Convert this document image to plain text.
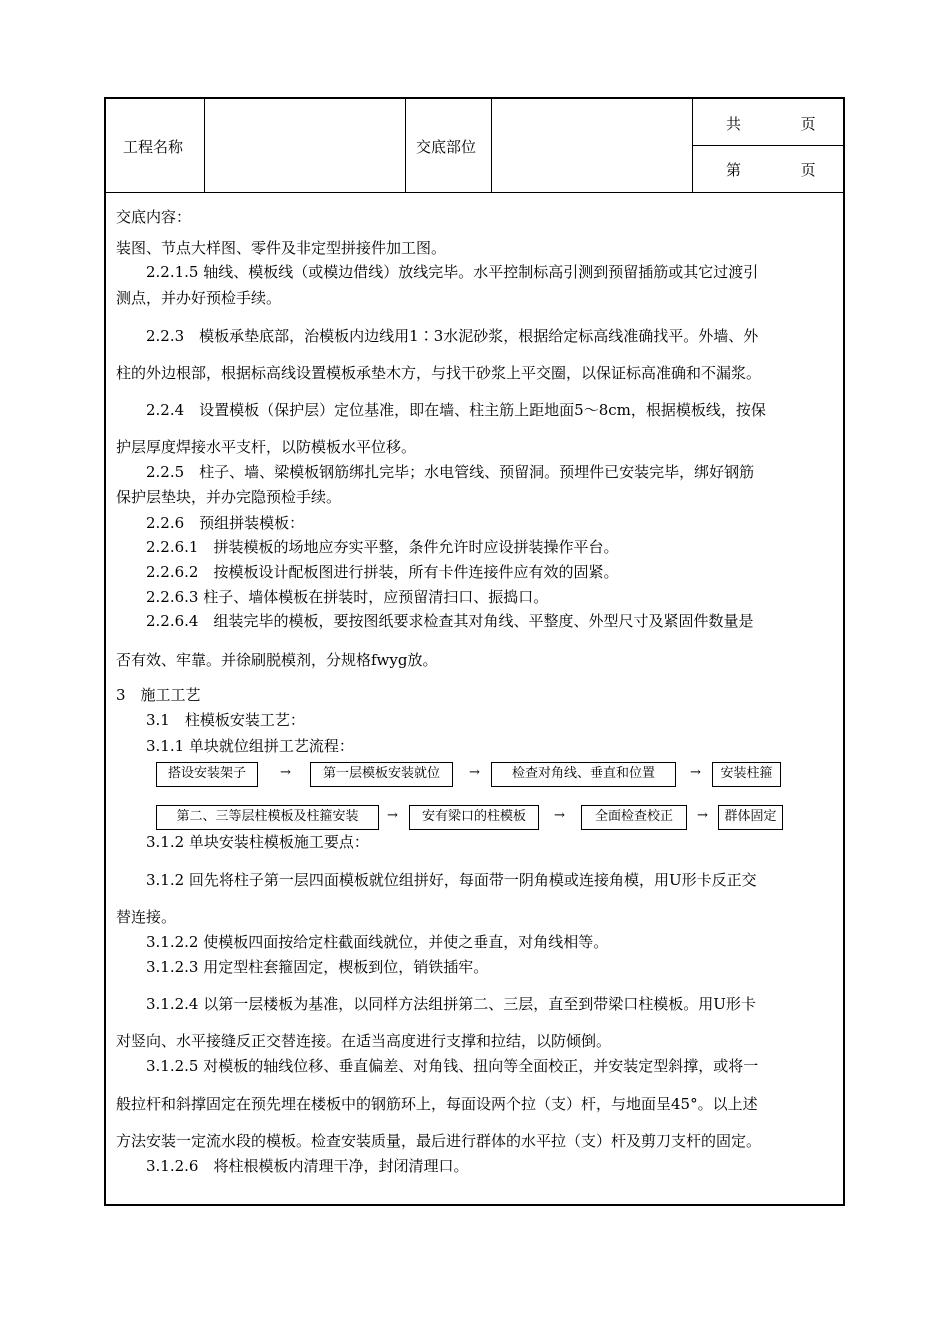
工程名称	交底部位
共	页
第	页
交底内容：
装图、节点大样图、零件及非定型拼接件加工图。
　　2.2.1.5 轴线、模板线（或模边借线）放线完毕。水平控制标高引测到预留插筋或其它过渡引
测点，并办好预检手续。
　　2.2.3　模板承垫底部，治模板内边线用1∶3水泥砂浆，根据给定标高线准确找平。外墙、外
柱的外边根部，根据标高线设置模板承垫木方，与找干砂浆上平交圈，以保证标高准确和不漏浆。
　　2.2.4　设置模板（保护层）定位基准，即在墙、柱主筋上距地面5～8cm，根据模板线，按保
护层厚度焊接水平支杆，以防模板水平位移。
　　2.2.5　柱子、墙、梁模板钢筋绑扎完毕；水电管线、预留洞。预埋件已安装完毕，绑好钢筋
保护层垫块，并办完隐预检手续。
　　2.2.6　预组拼装模板：
　　2.2.6.1　拼装模板的场地应夯实平整，条件允许时应设拼装操作平台。
　　2.2.6.2　按模板设计配板图进行拼装，所有卡件连接件应有效的固紧。
　　2.2.6.3 柱子、墙体模板在拼装时，应预留清扫口、振捣口。
　　2.2.6.4　组装完毕的模板，要按图纸要求检查其对角线、平整度、外型尺寸及紧固件数量是
否有效、牢靠。并徐刷脱模剂，分规格fwyg放。
3　施工工艺
　　3.1　柱模板安装工艺：
　　3.1.1 单块就位组拼工艺流程：
搭设安装架子	→	第一层模板安装就位	→	检查对角线、垂直和位置	→	安装柱箍
第二、三等层柱模板及柱箍安装	→	安有梁口的柱模板	→	全面检查校正	→	群体固定
　　3.1.2 单块安装柱模板施工要点：
　　3.1.2 回先将柱子第一层四面模板就位组拼好，每面带一阴角模或连接角模，用U形卡反正交
替连接。
　　3.1.2.2 使模板四面按给定柱截面线就位，并使之垂直，对角线相等。
　　3.1.2.3 用定型柱套箍固定，楔板到位，销铁插牢。
　　3.1.2.4 以第一层楼板为基准，以同样方法组拼第二、三层，直至到带梁口柱模板。用U形卡
对竖向、水平接缝反正交替连接。在适当高度进行支撑和拉结，以防倾倒。
　　3.1.2.5 对模板的轴线位移、垂直偏差、对角钱、扭向等全面校正，并安装定型斜撑，或将一
般拉杆和斜撑固定在预先埋在楼板中的钢筋环上，每面设两个拉（支）杆，与地面呈45°。以上述
方法安装一定流水段的模板。检查安装质量，最后进行群体的水平拉（支）杆及剪刀支杆的固定。
　　3.1.2.6　将柱根模板内清理干净，封闭清理口。
